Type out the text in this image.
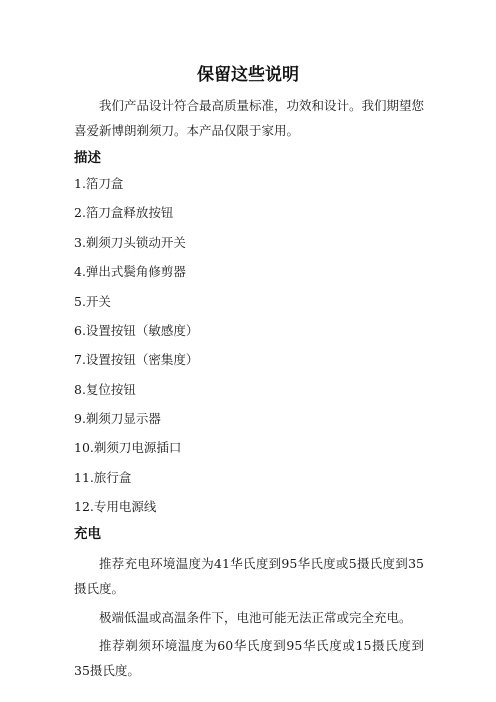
保留这些说明
我们产品设计符合最高质量标准，功效和设计。我们期望您喜爱新博朗剃须刀。本产品仅限于家用。
描述
1.箔刀盒
2.箔刀盒释放按钮
3.剃须刀头锁动开关
4.弹出式鬓角修剪器
5.开关
6.设置按钮（敏感度）
7.设置按钮（密集度）
8.复位按钮
9.剃须刀显示器
10.剃须刀电源插口
11.旅行盒
12.专用电源线
充电
推荐充电环境温度为41华氏度到95华氏度或5摄氏度到35摄氏度。
极端低温或高温条件下，电池可能无法正常或完全充电。
推荐剃须环境温度为60华氏度到95华氏度或15摄氏度到35摄氏度。
